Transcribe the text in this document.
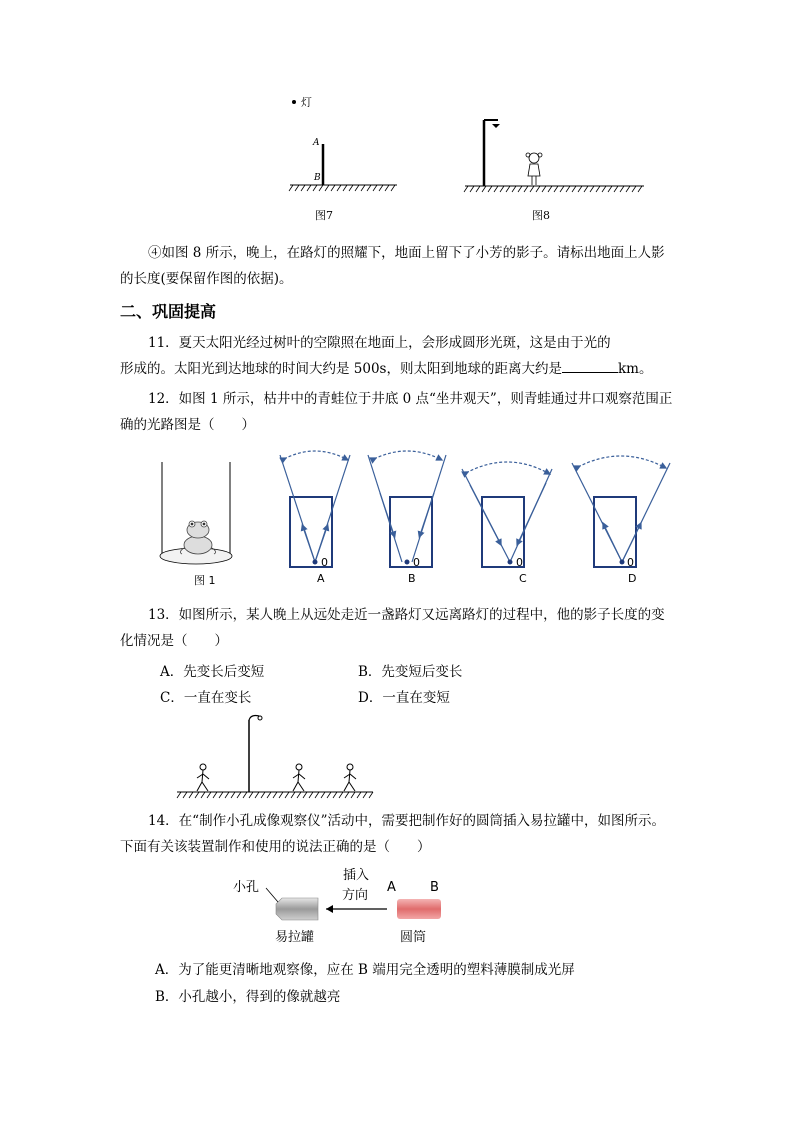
灯
A
B
图7	图8
④如图 8 所示，晚上，在路灯的照耀下，地面上留下了小芳的影子。请标出地面上人影
的长度(要保留作图的依据)。
二、巩固提高
11．夏天太阳光经过树叶的空隙照在地面上，会形成圆形光斑，这是由于光的
形成的。太阳光到达地球的时间大约是 500s，则太阳到地球的距离大约是	km。
12．如图 1 所示，枯井中的青蛙位于井底 0 点“坐井观天”，则青蛙通过井口观察范围正
确的光路图是（　　）
图 1
0	0	0	0
A	B	C	D
13．如图所示，某人晚上从远处走近一盏路灯又远离路灯的过程中，他的影子长度的变
化情况是（　　）
A．先变长后变短	B．先变短后变长
C．一直在变长	D．一直在变短
14．在“制作小孔成像观察仪”活动中，需要把制作好的圆筒插入易拉罐中，如图所示。
下面有关该装置制作和使用的说法正确的是（　　）
小孔
插入
方向
A	B
易拉罐	圆筒
A．为了能更清晰地观察像，应在 B 端用完全透明的塑料薄膜制成光屏
B．小孔越小，得到的像就越亮
